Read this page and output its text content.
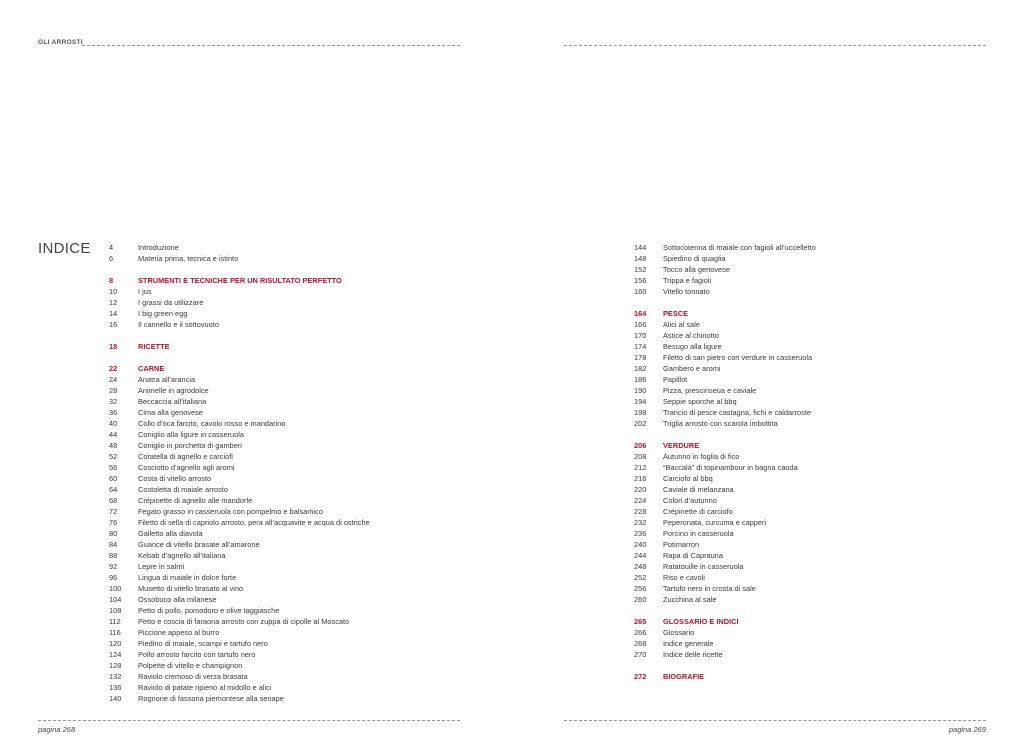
GLI ARROSTI
INDICE 4	Introduzione
6	Materia prima, tecnica e istinto
8	STRUMENTI E TECNICHE PER UN RISULTATO PERFETTO
10	I jus
12	I grassi da utilizzare
14	I big green egg
16	Il cannello e il sottovuoto
18	RICETTE
22	CARNE
24	Anatra all’arancia
28	Animelle in agrodolce
32	Beccaccia all’italiana
36	Cima alla genovese
40	Collo d’oca farcito, cavolo rosso e mandarino
44	Coniglio alla ligure in casseruola
48	Coniglio in porchetta di gamberi
52	Coratella di agnello e carciofi
56	Cosciotto d’agnello agli aromi
60	Costa di vitello arrosto
64	Costoletta di maiale arrosto
68	Crépinette di agnello alle mandorle
72	Fegato grasso in casseruola con pompelmo e balsamico
76	Filetto di sella di capriolo arrosto, pera all’acquavite e acqua di ostriche
80	Galletto alla diavola
84	Guance di vitello brasate all’amarone
88	Kebab d’agnello all’italiana
92	Lepre in salmì
96	Lingua di maiale in dolce forte
100	Musetto di vitello brasato al vino
104	Ossobuco alla milanese
108	Petto di pollo, pomodoro e olive taggiasche
112	Petto e coscia di faraona arrosto con zuppa di cipolle al Moscato
116	Piccione appeso al burro
120	Piedino di maiale, scampi e tartufo nero
124	Pollo arrosto farcito con tartufo nero
128	Polpette di vitello e champignon
132	Raviolo cremoso di verza brasata
136	Raviolo di patate ripieno al midollo e alici
140	Rognone di fassona piemontese alla senape
144	Sottocotenna di maiale con fagioli all’uccelletto
148	Spiedino di quaglia
152	Tocco alla genovese
156	Trippa e fagioli
160	Vitello tonnato
164	PESCE
166	Alici al sale
170	Astice al chinotto
174	Besugo alla ligure
178	Filetto di san pietro con verdure in casseruola
182	Gambero e aromi
186	Papillot
190	Pizza, prescinseua e caviale
194	Seppie sporche al bbq
198	Trancio di pesce castagna, fichi e caldarroste
202	Triglia arrosto con scarola imbottita
206	VERDURE
208	Autunno in foglia di fico
212	“Baccalà” di topinambour in bagna caoda
216	Carciofo al bbq
220	Caviale di melanzana
224	Colori d’autunno
228	Crépinette di carciofo
232	Peperonata, curcuma e capperi
236	Porcino in casseruola
240	Potimarron
244	Rapa di Caprauna
248	Ratatouille in casseruola
252	Riso e cavoli
256	Tartufo nero in crosta di sale
260	Zucchina al sale
265	GLOSSARIO E INDICI
266	Glossario
268	Indice generale
270	Indice delle ricette
272	BIOGRAFIE
pagina 268	pagina 269
